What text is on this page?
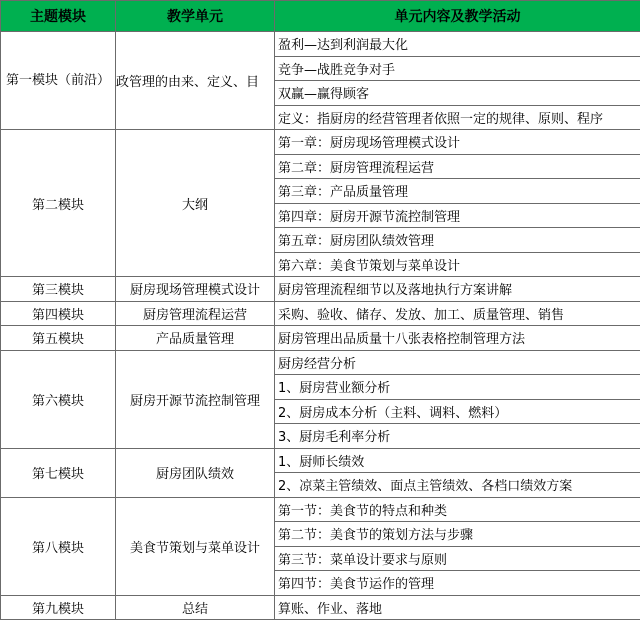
主题模块	教学单元	单元内容及教学活动
第一模块（前沿）	政管理的由来、定义、目	盈利—达到利润最大化
		竞争—战胜竞争对手
		双赢—赢得顾客
		定义：指厨房的经营管理者依照一定的规律、原则、程序
第二模块	大纲	第一章：厨房现场管理模式设计
		第二章：厨房管理流程运营
		第三章：产品质量管理
		第四章：厨房开源节流控制管理
		第五章：厨房团队绩效管理
		第六章：美食节策划与菜单设计
第三模块	厨房现场管理模式设计	厨房管理流程细节以及落地执行方案讲解
第四模块	厨房管理流程运营	采购、验收、储存、发放、加工、质量管理、销售
第五模块	产品质量管理	厨房管理出品质量十八张表格控制管理方法
第六模块	厨房开源节流控制管理	厨房经营分析
		1、厨房营业额分析
		2、厨房成本分析（主料、调料、燃料）
		3、厨房毛利率分析
第七模块	厨房团队绩效	1、厨师长绩效
		2、凉菜主管绩效、面点主管绩效、各档口绩效方案
第八模块	美食节策划与菜单设计	第一节：美食节的特点和种类
		第二节：美食节的策划方法与步骤
		第三节：菜单设计要求与原则
		第四节：美食节运作的管理
第九模块	总结	算账、作业、落地
